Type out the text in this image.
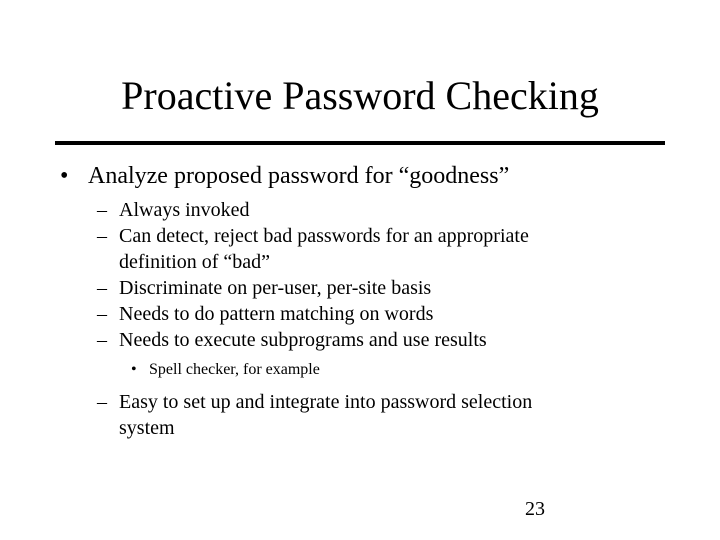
Proactive Password Checking
• Analyze proposed password for “goodness”
– Always invoked
– Can detect, reject bad passwords for an appropriate
definition of “bad”
– Discriminate on per-user, per-site basis
– Needs to do pattern matching on words
– Needs to execute subprograms and use results
• Spell checker, for example
– Easy to set up and integrate into password selection
system
23
